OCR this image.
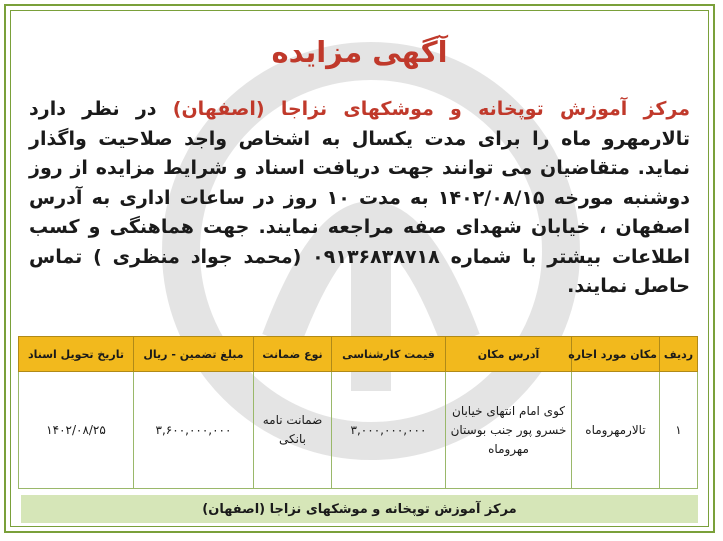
آگهی مزایده
مرکز آموزش توپخانه و موشکهای نزاجا (اصفهان) در نظر دارد تالارمهرو ماه را برای مدت یکسال به اشخاص واجد صلاحیت واگذار نماید. متقاضیان می توانند جهت دریافت اسناد و شرایط مزایده از روز دوشنبه مورخه ۱۴۰۲/۰۸/۱۵ به مدت ۱۰ روز در ساعات اداری به آدرس اصفهان ، خیابان شهدای صفه مراجعه نمایند. جهت هماهنگی و کسب اطلاعات بیشتر با شماره ۰۹۱۳۶۸۳۸۷۱۸ (محمد جواد منظری ) تماس حاصل نمایند.
ردیف	مکان مورد اجاره	آدرس مکان	قیمت کارشناسی	نوع ضمانت	مبلغ تضمین - ریال	تاریخ تحویل اسناد
۱	تالارمهروماه	کوی امام انتهای خیابان خسرو پور جنب بوستان مهروماه	۳,۰۰۰,۰۰۰,۰۰۰	ضمانت نامه بانکی	۳,۶۰۰,۰۰۰,۰۰۰	۱۴۰۲/۰۸/۲۵
مرکز آموزش توپخانه و موشکهای نزاجا (اصفهان)
